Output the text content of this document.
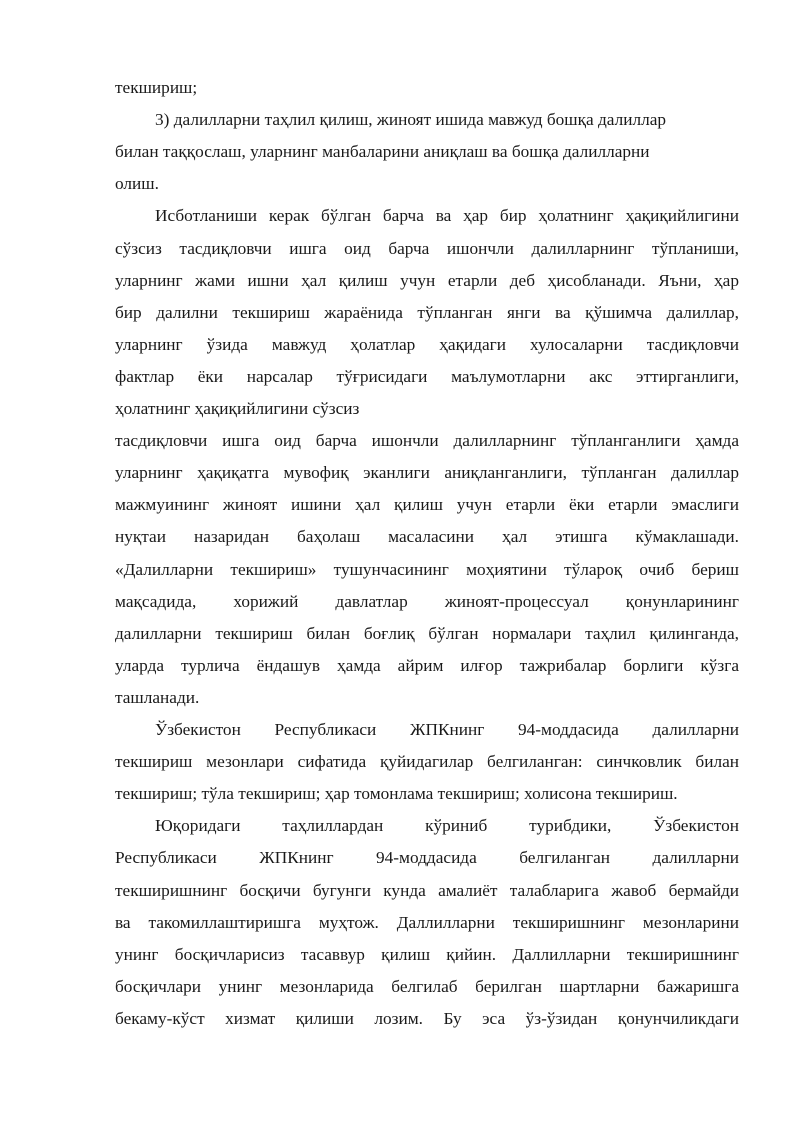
текшириш;
3) далилларни таҳлил қилиш, жиноят ишида мавжуд бошқа далиллар
билан таққослаш, уларнинг манбаларини аниқлаш ва бошқа далилларни
олиш.
Исботланиши керак бўлган барча ва ҳар бир ҳолатнинг ҳақиқийлигини
сўзсиз тасдиқловчи ишга оид барча ишончли далилларнинг тўпланиши,
уларнинг жами ишни ҳал қилиш учун етарли деб ҳисобланади. Яъни, ҳар
бир далилни текшириш жараёнида тўпланган янги ва қўшимча далиллар,
уларнинг ўзида мавжуд ҳолатлар ҳақидаги хулосаларни тасдиқловчи
фактлар ёки нарсалар тўғрисидаги маълумотларни акс эттирганлиги,
ҳолатнинг ҳақиқийлигини сўзсиз
тасдиқловчи ишга оид барча ишончли далилларнинг тўпланганлиги ҳамда
уларнинг ҳақиқатга мувофиқ эканлиги аниқланганлиги, тўпланган далиллар
мажмуининг жиноят ишини ҳал қилиш учун етарли ёки етарли эмаслиги
нуқтаи назаридан баҳолаш масаласини ҳал этишга кўмаклашади.
«Далилларни текшириш» тушунчасининг моҳиятини тўлароқ очиб бериш
мақсадида, хорижий давлатлар жиноят-процессуал қонунларининг
далилларни текшириш билан боғлиқ бўлган нормалари таҳлил қилинганда,
уларда турлича ёндашув ҳамда айрим илғор тажрибалар борлиги кўзга
ташланади.
Ўзбекистон Республикаси ЖПКнинг 94-моддасида далилларни
текшириш мезонлари сифатида қуйидагилар белгиланган: синчковлик билан
текшириш; тўла текшириш; ҳар томонлама текшириш; холисона текшириш.
Юқоридаги таҳлиллардан кўриниб турибдики, Ўзбекистон
Республикаси ЖПКнинг 94-моддасида белгиланган далилларни
текширишнинг босқичи бугунги кунда амалиёт талабларига жавоб бермайди
ва такомиллаштиришга муҳтож. Даллилларни текширишнинг мезонларини
унинг босқичларисиз тасаввур қилиш қийин. Даллилларни текширишнинг
босқичлари унинг мезонларида белгилаб берилган шартларни бажаришга
бекаму-кўст хизмат қилиши лозим. Бу эса ўз-ўзидан қонунчиликдаги
